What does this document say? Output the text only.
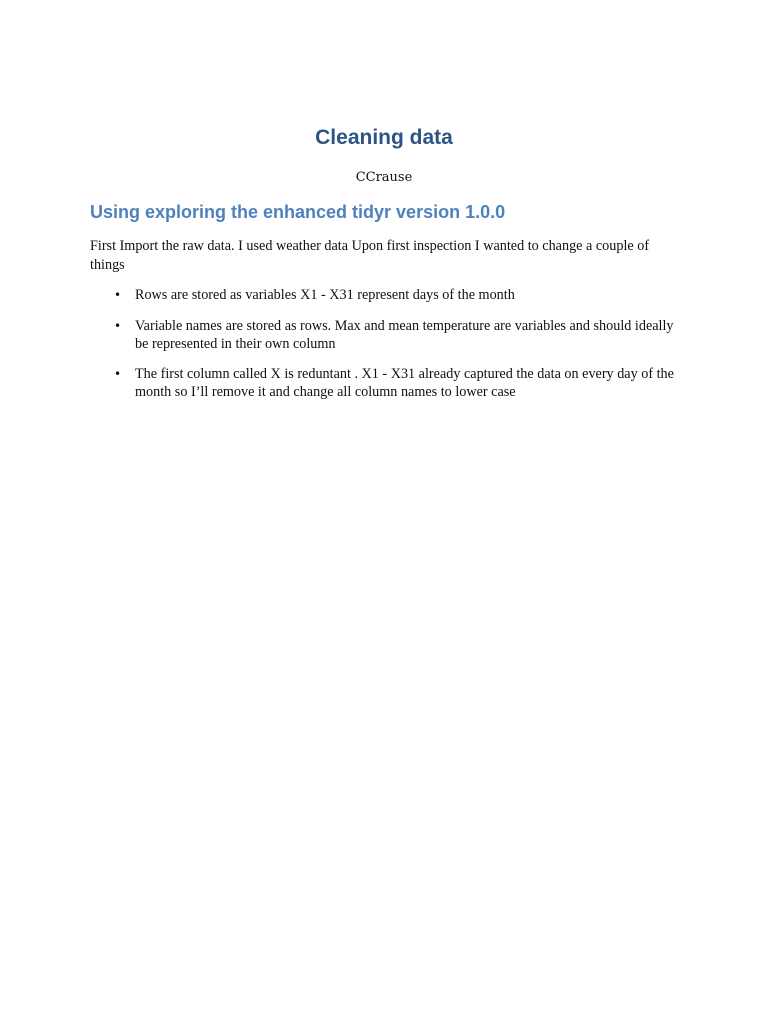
Cleaning data
CCrause
Using exploring the enhanced tidyr version 1.0.0
First Import the raw data. I used weather data Upon first inspection I wanted to change a couple of things
• Rows are stored as variables X1 - X31 represent days of the month
• Variable names are stored as rows. Max and mean temperature are variables and should ideally be represented in their own column
• The first column called X is reduntant . X1 - X31 already captured the data on every day of the month so I’ll remove it and change all column names to lower case
